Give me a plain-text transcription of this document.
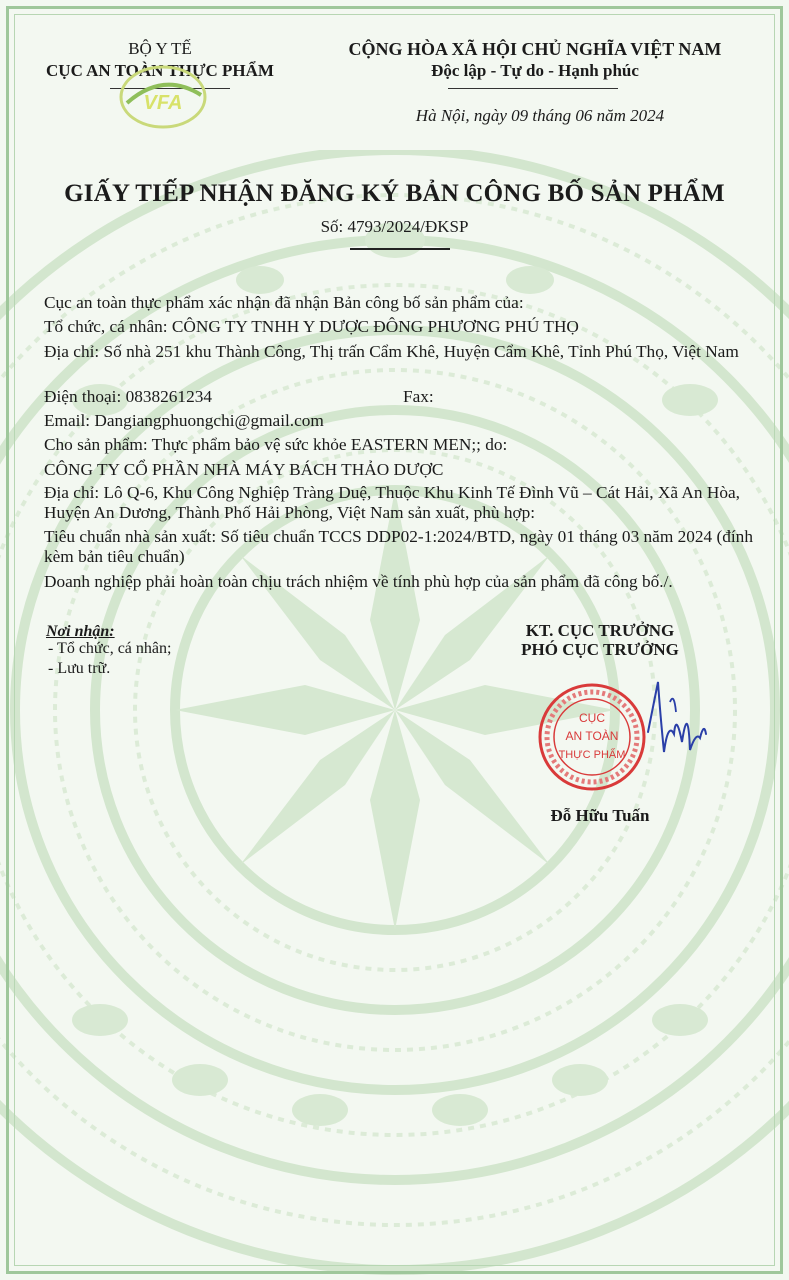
BỘ Y TẾ
CỤC AN TOÀN THỰC PHẨM
VFA
CỘNG HÒA XÃ HỘI CHỦ NGHĨA VIỆT NAM
Độc lập - Tự do - Hạnh phúc
Hà Nội, ngày 09 tháng 06 năm 2024
GIẤY TIẾP NHẬN ĐĂNG KÝ BẢN CÔNG BỐ SẢN PHẨM
Số: 4793/2024/ĐKSP
Cục an toàn thực phẩm xác nhận đã nhận Bản công bố sản phẩm của:
Tổ chức, cá nhân: CÔNG TY TNHH Y DƯỢC ĐÔNG PHƯƠNG PHÚ THỌ
Địa chỉ: Số nhà 251 khu Thành Công, Thị trấn Cẩm Khê, Huyện Cẩm Khê, Tỉnh Phú Thọ, Việt Nam
Điện thoại: 0838261234	Fax:
Email: Dangiangphuongchi@gmail.com
Cho sản phẩm: Thực phẩm bảo vệ sức khỏe EASTERN MEN;; do:
CÔNG TY CỔ PHẦN NHÀ MÁY BÁCH THẢO DƯỢC
Địa chỉ: Lô Q-6, Khu Công Nghiệp Tràng Duệ, Thuộc Khu Kinh Tế Đình Vũ – Cát Hải, Xã An Hòa, Huyện An Dương, Thành Phố Hải Phòng, Việt Nam sản xuất, phù hợp:
Tiêu chuẩn nhà sản xuất: Số tiêu chuẩn TCCS DDP02-1:2024/BTD, ngày 01 tháng 03 năm 2024 (đính kèm bản tiêu chuẩn)
Doanh nghiệp phải hoàn toàn chịu trách nhiệm về tính phù hợp của sản phẩm đã công bố./.
Nơi nhận:
- Tổ chức, cá nhân;
- Lưu trữ.
KT. CỤC TRƯỞNG
PHÓ CỤC TRƯỞNG
CỤC
AN TOÀN
THỰC PHẨM
Đỗ Hữu Tuấn
